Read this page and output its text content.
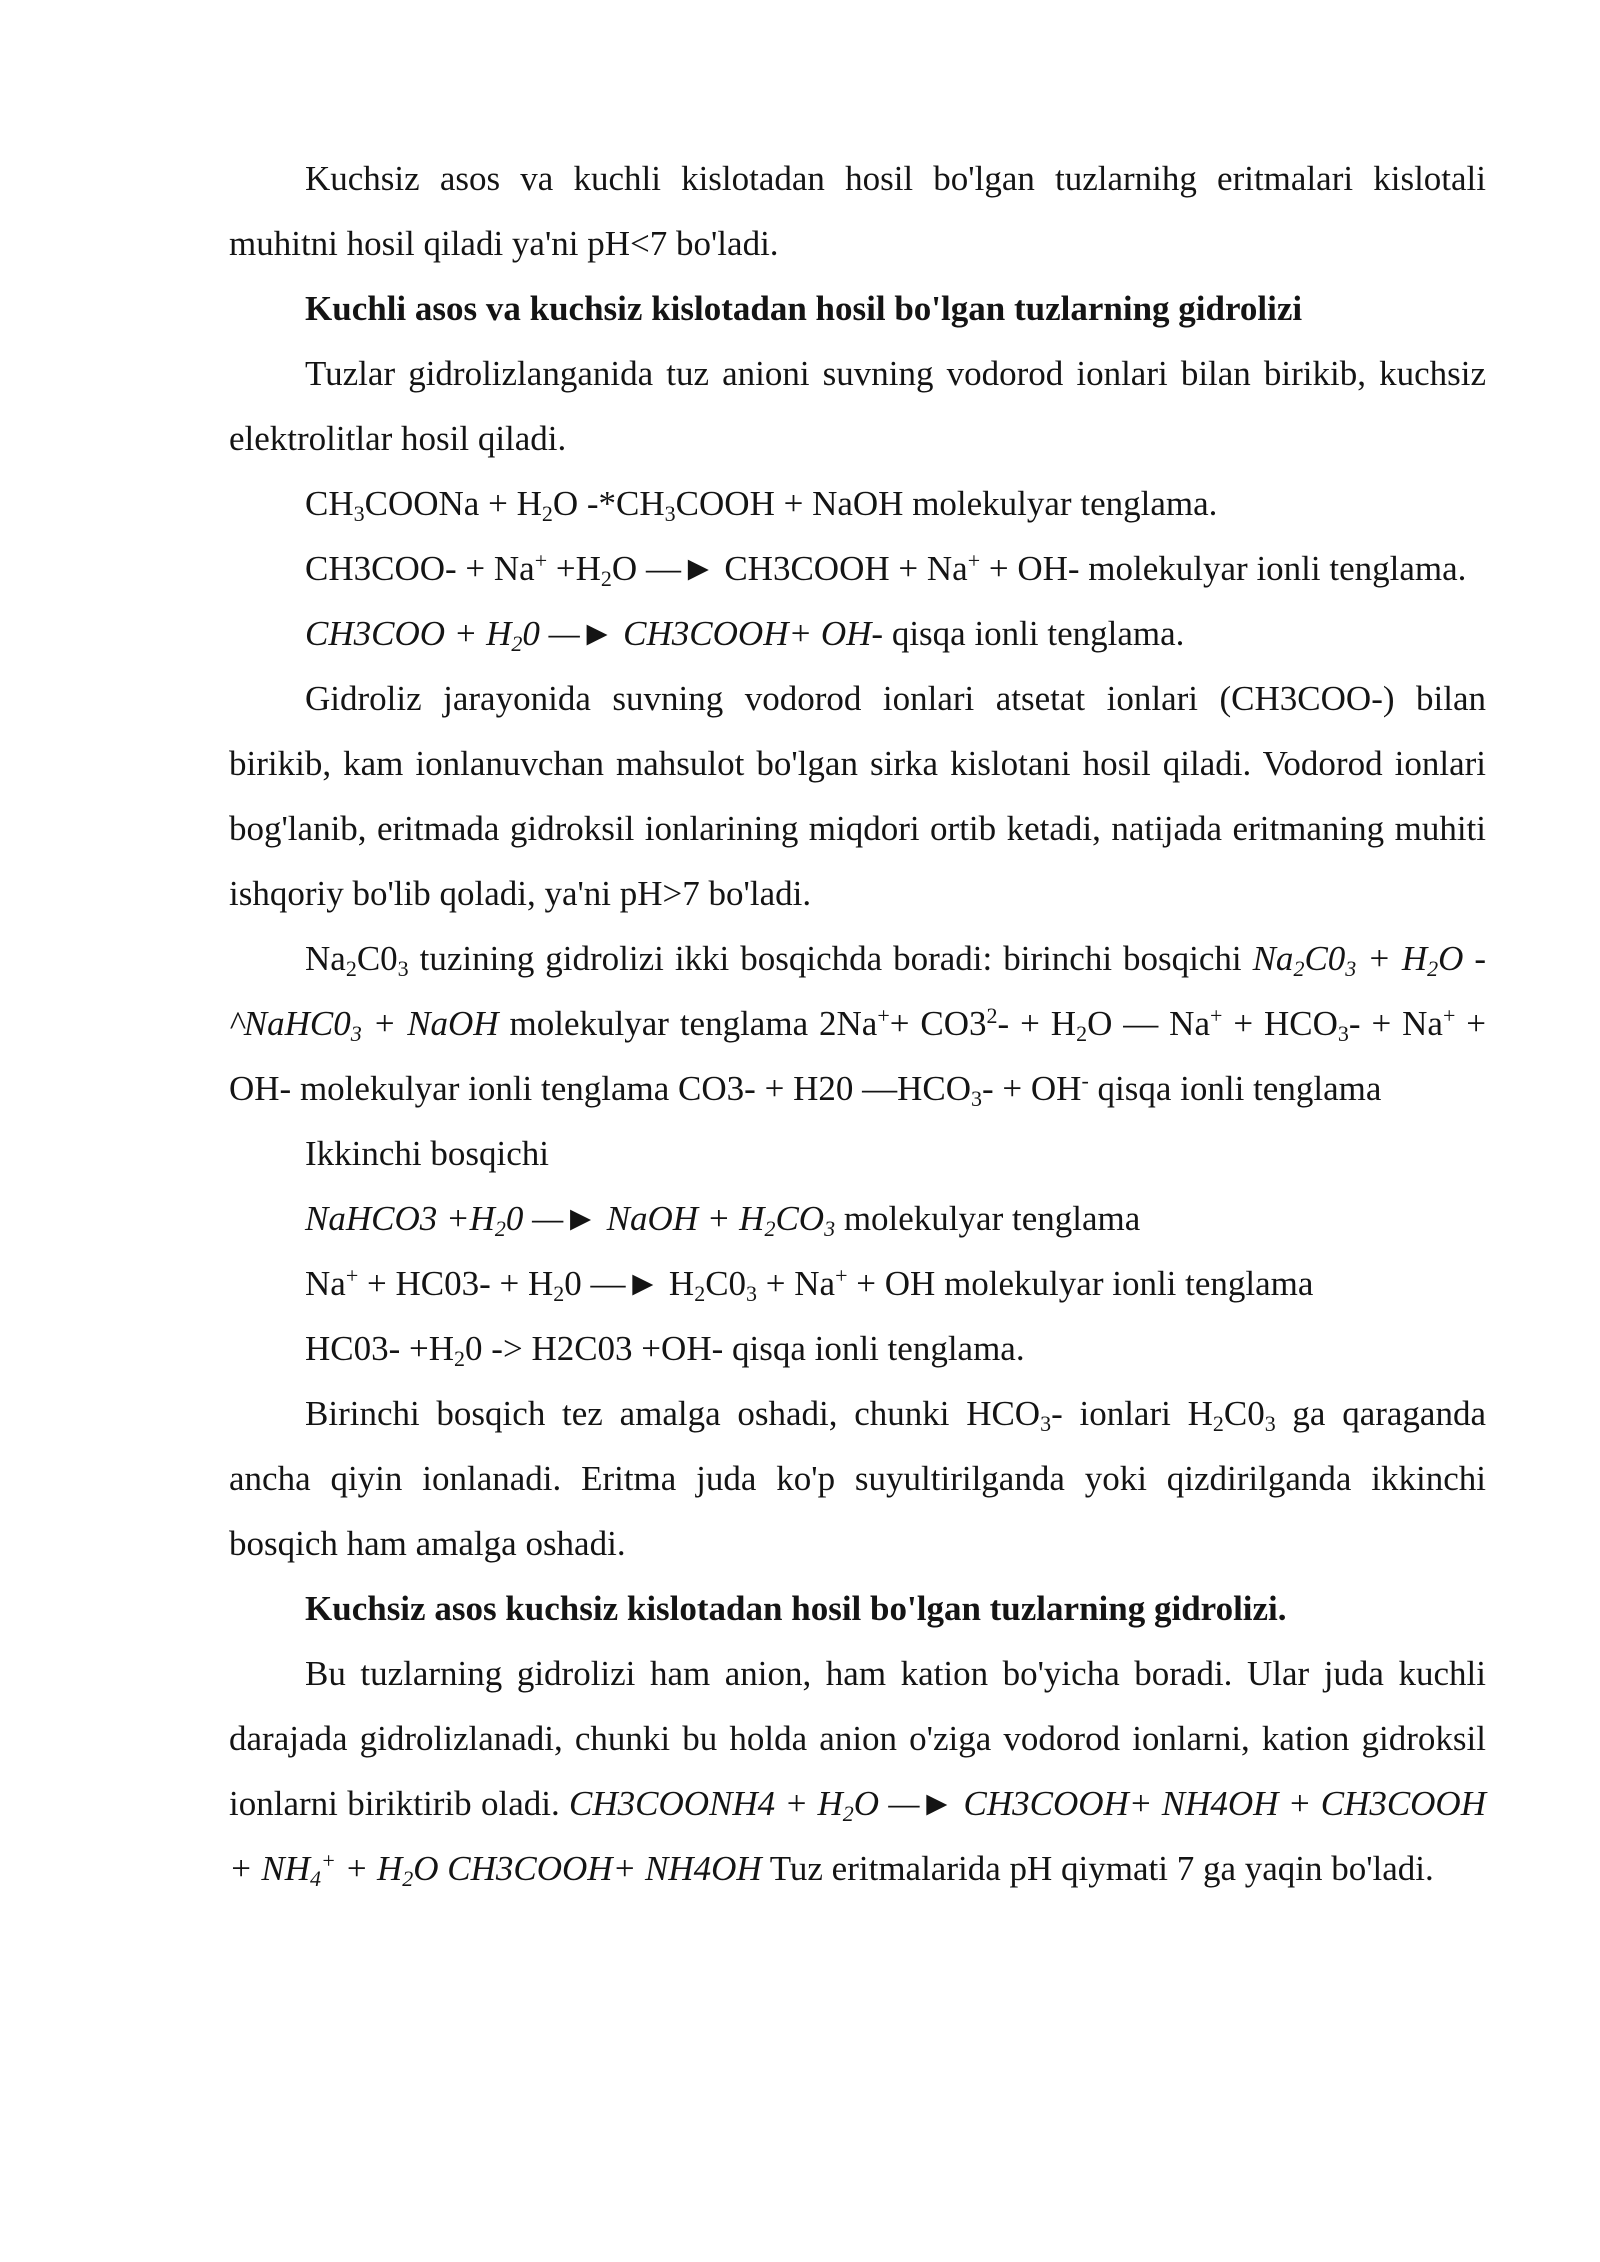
Kuchsiz asos va kuchli kislotadan hosil bo'lgan tuzlarnihg eritmalari kislotali muhitni hosil qiladi ya'ni pH<7 bo'ladi.

Kuchli asos va kuchsiz kislotadan hosil bo'lgan tuzlarning gidrolizi

Tuzlar gidrolizlanganida tuz anioni suvning vodorod ionlari bilan birikib, kuchsiz elektrolitlar hosil qiladi.

$CH_3COONa + H_2O$ $-*CH_3COOH$ + NaOH molekulyar tenglama.

$CH3COO- + Na^+ +H_2O$ —► CH3COOH + Na+ + OH- molekulyar ionli tenglama.

$CH3COO + H_20$ —► CH3COOH+ OH- qisqa ionli tenglama.

Gidroliz jarayonida suvning vodorod ionlari atsetat ionlari (CH3COO-) bilan birikib, kam ionlanuvchan mahsulot bo'lgan sirka kislotani hosil qiladi. Vodorod ionlari bog'lanib, eritmada gidroksil ionlarining miqdori ortib ketadi, natijada eritmaning muhiti ishqoriy bo'lib qoladi, ya'ni pH>7 bo'ladi.

$Na_2C0_3$ tuzining gidrolizi ikki bosqichda boradi: birinchi bosqichi $Na_2C0_3 + H_2O$ $-\^{}NaHC0_3$ + NaOH molekulyar tenglama $2Na^++ CO3^2- + H_2O$ — $Na^+ + HCO_3- + Na^+ + OH-$ molekulyar ionli tenglama CO3- + H20 $—HCO_3- + OH^-$ qisqa ionli tenglama

Ikkinchi bosqichi

NaHCO3 $+H_20$ —► NaOH + $H_2CO_3$ molekulyar tenglama

$Na^+ + HC03- + H_20$ —► $H_2C0_3 + Na^+$ + OH molekulyar ionli tenglama

$HC03- +H_20 -> H2C03 +OH-$ qisqa ionli tenglama.

Birinchi bosqich tez amalga oshadi, chunki $HCO_3-$ ionlari $H_2C0_3$ ga qaraganda ancha qiyin ionlanadi. Eritma juda ko'p suyultirilganda yoki qizdirilganda ikkinchi bosqich ham amalga oshadi.

Kuchsiz asos kuchsiz kislotadan hosil bo'lgan tuzlarning gidrolizi.

Bu tuzlarning gidrolizi ham anion, ham kation bo'yicha boradi. Ular juda kuchli darajada gidrolizlanadi, chunki bu holda anion o'ziga vodorod ionlarni, kation gidroksil ionlarni biriktirib oladi. CH3COONH4 + $H_2O$ —► CH3COOH+ NH4OH + CH3COOH + $NH_4^+ + H_2O$ CH3COOH+ NH4OH Tuz eritmalarida pH qiymati 7 ga yaqin bo'ladi.
